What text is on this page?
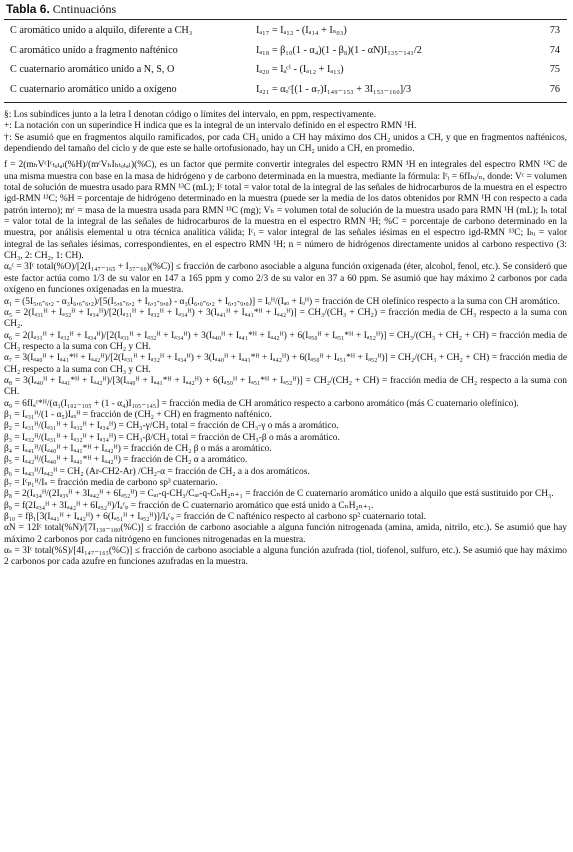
Tabla 6. Cntinuacións
C aromático unido a alquilo, diferente a CH₃	Iₐ₁₇ = Iₐ₁₂ - (Iₐ₁₄ + Iₛ₀₃)	73
C aromático unido a fragmento nafténico	Iₐ₁₈ = β₁₀(1 - α₄)(1 - β₈)(1 - αN)I₁₃₅₋₁₄₁/2	74
C cuaternario aromático unido a N, S, O	Iₐ₂₀ = Iₐᶜⁱ - (Iₐ₁₂ + Iₐ₁₃)	75
C cuaternario aromático unido a oxígeno	Iₐ₂₁ = αₒᶜ[(1 - α₇)I₁₄₉₋₁₅₃ + 3I₁₅₃₋₁₆₀]/3	76

§: Los subíndices junto a la letra I denotan código o límites del intervalo, en ppm, respectivamente.

+: La notación con un superíndice H indica que es la integral de un intervalo definido en el espectro RMN ¹H.

†: Se asumió que en fragmentos alquilo ramificados, por cada CH₃ unido a CH hay máximo dos CH₂ unidos a CH, y que en fragmentos nafténicos, dependiendo del tamaño del ciclo y de que este se halle ortofusionado, hay un CH₂ unido a CH, en promedio.

f = 2(mₕVᶜIᶜₜₒₜₐₗ(%H)/(mᶜVₕIₕₜₒₜₐₗ)(%C), es un factor que permite convertir integrales del espectro RMN ¹H en integrales del espectro RMN ¹³C de una misma muestra con base en la masa de hidrógeno y de carbono determinada en la muestra, mediante la fórmula: Iᶜᵢ = 6fIₕᵢ/ₙ, donde: Vᶜ = volumen total de solución de muestra usado para RMN ¹³C (mL); Iᶜ total = valor total de la integral de las señales de hidrocarburos de la muestra en el espectro igd-RMN ¹³C; %H = porcentaje de hidrógeno determinado en la muestra (puede ser la media de los datos obtenidos por RMN ¹H con respecto a cada patrón interno); mᶜ = masa de la muestra usada para RMN ¹³C (mg); Vₕ = volumen total de solución de la muestra usado para RMN ¹H (mL); Iₕ total = valor total de la integral de las señales de hidrocarburos de la muestra en el espectro RMN ¹H; %C = porcentaje de carbono determinado en la muestra, por análisis elemental u otra técnica analítica válida; Iᶜᵢ = valor integral de las señales iésimas en el espectro igd-RMN ¹³C; Iₕᵢ = valor integral de las señales iésimas, correspondientes, en el espectro RMN ¹H; n = número de hidrógenos directamente unidos al carbono respectivo (3: CH₃, 2: CH₂, 1: CH).

αₒᶜ = 3Iᶜ total(%O)/[2(I₁₄₇₋₁₆₅ + I₃₇₋₆₀)(%C)] ≤ fracción de carbono asociable a alguna función oxigenada (éter, alcohol, fenol, etc.). Se consideró que este factor actúa como 1/3 de su valor en 147 a 165 ppm y como 2/3 de su valor en 37 a 60 ppm. Se asumió que hay máximo 2 carbonos por cada oxígeno en funciones oxigenadas en la muestra.

α₁ = (5I₅,₆-₆,₂ - α₃I₆,₆-₆,₂)/[5(I₅,₆-₆,₂ + I₆,₃-₉,₀) - α₃(I₆,₀-₆,₂ + I₆,₃-₉,₀)] = Iₒᴴ/(Iₐₒ + Iₒᴴ) = fracción de CH olefínico respecto a la suma con CH aromático.

α₅ = 2(Iₐ₃₁ᴴ + Iₐ₃₂ᴴ + Iₐ₃₄ᴴ)/[2(Iₐ₃₁ᴴ + Iₐ₃₂ᴴ + Iₐ₃₄ᴴ) + 3(Iₐ₄₁ᴴ + Iₐ₄₁*ᴴ + Iₐ₄₂ᴴ)] = CH₃/(CH₃ + CH₂) = fracción media de CH₃ respecto a la suma con CH₂.

α₆ = 2(Iₐ₃₁ᴴ + Iₐ₃₂ᴴ + Iₐ₃₄ᴴ)/[2(Iₐ₃₁ᴴ + Iₐ₃₂ᴴ + Iₐ₃₄ᴴ) + 3(Iₐ₄₀ᴴ + Iₐ₄₁*ᴴ + Iₐ₄₂ᴴ) + 6(Iₐ₅₀ᴴ + Iₐ₅₁*ᴴ + Iₐ₅₂ᴴ)] = CH₃/(CH₃ + CH₂ + CH) = fracción media de CH₃ respecto a la suma con CH₂ y CH.

α₇ = 3(Iₐ₄₀ᴴ + Iₐ₄₁*ᴴ + Iₐ₄₂ᴴ)/[2(Iₐ₃₁ᴴ + Iₐ₃₂ᴴ + Iₐ₃₄ᴴ) + 3(Iₐ₄₀ᴴ + Iₐ₄₁*ᴴ + Iₐ₄₂ᴴ) + 6(Iₐ₅₀ᴴ + Iₐ₅₁*ᴴ + Iₐ₅₂ᴴ)] = CH₂/(CH₃ + CH₂ + CH) = fracción media de CH₂ respecto a la suma con CH₃ y CH.

α₈ = 3(Iₐ₄₀ᴴ + Iₐ₄₁*ᴴ + Iₐ₄₂ᴴ)/[3(Iₐ₄₀ᴴ + Iₐ₄₁*ᴴ + Iₐ₄₂ᴴ) + 6(Iₐ₅₀ᴴ + Iₐ₅₁*ᴴ + Iₐ₅₂ᴴ)] = CH₂/(CH₂ + CH) = fracción media de CH₂ respecto a la suma con CH.

α₉ = 6fIₐᶜ*ᴴ/(α₁(I₁₀₂₋₁₀₅ + (1 - α₄)I₁₀₅₋₁₄₅] = fracción media de CH aromático respecto a carbono aromático (más C cuaternario olefínico).

β₁ = Iₐ₃₁ᴴ/(1 - α₅)Iₐₓᴴ = fracción de (CH₂ + CH) en fragmento nafténico.

β₂ = Iₐ₃₁ᴴ/(Iₐ₃₁ᴴ + Iₐ₃₂ᴴ + Iₐ₃₄ᴴ) = CH₃-γ/CH₃ total = fracción de CH₃-γ o más a aromático.

β₃ = Iₐ₃₂ᴴ/(Iₐ₃₁ᴴ + Iₐ₃₂ᴴ + Iₐ₃₄ᴴ) = CH₃-β/CH₃ total = fracción de CH₃-β o más a aromático.

β₄ = Iₐ₄₁ᴴ/(Iₐ₄₀ᴴ + Iₐ₄₁*ᴴ + Iₐ₄₂ᴴ) = fracción de CH₂ β o más a aromático.

β₅ = Iₐ₄₂ᴴ/(Iₐ₄₀ᴴ + Iₐ₄₁*ᴴ + Iₐ₄₂ᴴ) = fracción de CH₂ α a aromático.

β₆ = Iₐ₄₃ᴴ/Iₐ₄₂ᴴ = CH₂ (Ar-CH2-Ar) /CH₂-α = fracción de CH₂ a a dos aromáticos.

β₇ = Iᶜₚ₁ᴴ/Iₛ = fracción media de carbono sp³ cuaternario.

β₈ = 2(Iₐ₃₄ᴴ/(2Iₐ₃ₓᴴ + 3Iₐ₄₂ᴴ + 6Iₐ₅₂ᴴ) = Cₐᵣ-q-CH₃/Cₐᵣ-q-CₙH₂ₙ₊₁ = fracción de C cuaternario aromático unido a alquilo que está sustituido por CH₃.

β₉ = f(2Iₐ₃₄ᴴ + 3Iₐ₄₂ᴴ + 6Iₐ₅₂ᴴ)/Iₐᶜᵩ = fracción de C cuaternario aromático que está unido a CₙH₂ₙ₊₁.

β₁₀ = fβ₁[3(Iₐ₄₁ᴴ + Iₐ₄₂ᴴ) + 6(Iₐ₅₁ᴴ + Iₐ₅₂ᴴ)]/Iₐᶜᵩ = fracción de C nafténico respecto al carbono sp² cuaternario total.

αN = 12Iᶜ total(%N)/[7I₁₃₀₋₁₈₀(%C)] ≤ fracción de carbono asociable a alguna función nitrogenada (amina, amida, nitrilo, etc.). Se asumió que hay máximo 2 carbonos por cada nitrógeno en funciones nitrogenadas en la muestra.

αₛ = 3Iᶜ total(%S)/[4I₁₄₇₋₁₆₅(%C)] ≤ fracción de carbono asociable a alguna función azufrada (tiol, tiofenol, sulfuro, etc.). Se asumió que hay máximo 2 carbonos por cada azufre en funciones azufradas en la muestra.
